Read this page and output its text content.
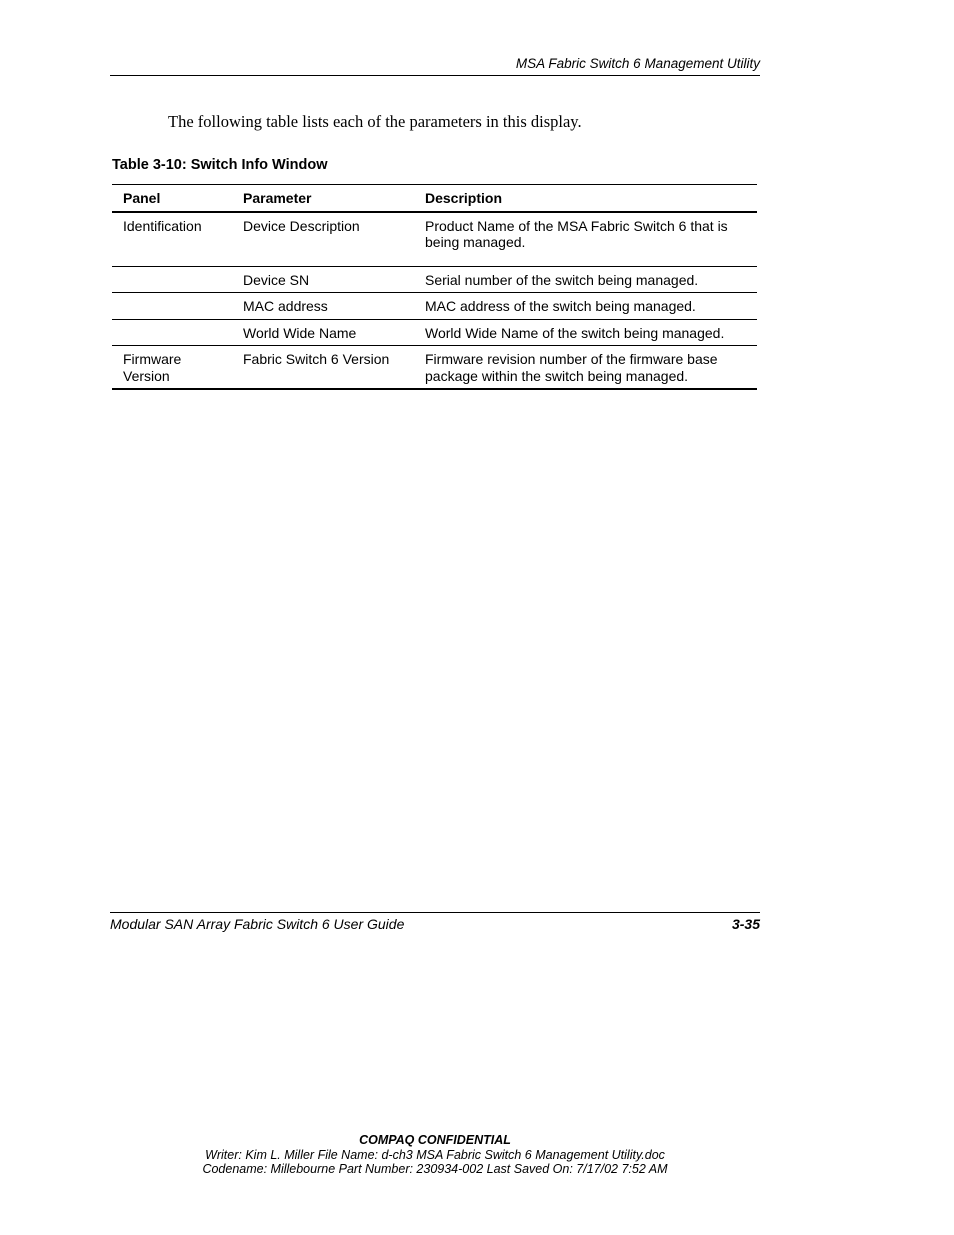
MSA Fabric Switch 6 Management Utility

The following table lists each of the parameters in this display.

Table 3-10: Switch Info Window
Panel	Parameter	Description
Identification	Device Description	Product Name of the MSA Fabric Switch 6 that is being managed.
	Device SN	Serial number of the switch being managed.
	MAC address	MAC address of the switch being managed.
	World Wide Name	World Wide Name of the switch being managed.
Firmware Version	Fabric Switch 6 Version	Firmware revision number of the firmware base package within the switch being managed.
Modular SAN Array Fabric Switch 6 User Guide	3-35
COMPAQ CONFIDENTIAL
Writer: Kim L. Miller File Name: d-ch3 MSA Fabric Switch 6 Management Utility.doc
Codename: Millebourne Part Number: 230934-002 Last Saved On: 7/17/02 7:52 AM
